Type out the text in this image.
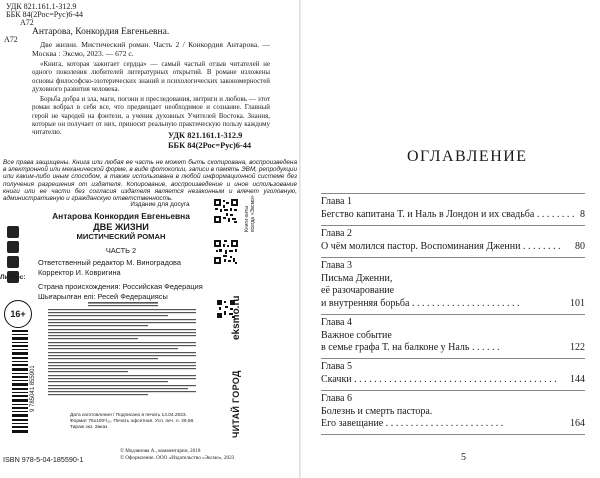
УДК 821.161.1-312.9
ББК 84(2Рос=Рус)6-44
А72
А72
Антарова, Конкордия Евгеньевна.
Две жизни. Мистический роман. Часть 2 / Конкордия Антарова. — Москва : Эксмо, 2023. — 672 с.
«Книга, которая зажигает сердца» — самый частый отзыв читателей не одного поколения любителей литературных открытий. В романе изложены основы философско-эзотерических знаний и психологических закономерностей духовного развития человека.
Борьба добра и зла, маги, погони и преследования, интриги и любовь — этот роман вобрал в себя все, что предвещает необходимое и сознание. Главный герой не чародей на фэнтези, а ученик духовных Учителей Востока. Знания, которые он получает от них, приносят реальную практическую пользу каждому читателю.	УДК 821.161.1-312.9
ББК 84(2Рос=Рус)6-44
Все права защищены. Книга или любая ее часть не может быть скопирована, воспроизведена в электронной или механической форме, в виде фотокопии, записи в память ЭВМ, репродукции или каким-либо иным способом, а также использована в любой информационной системе без получения разрешения от издателя. Копирование, воспроизведение и иное использование книги или ее части без согласия издателя является незаконным и влечет уголовную, административную и гражданскую ответственность.
Издание для досуга
Антарова Конкордия Евгеньевна
ДВЕ ЖИЗНИ
МИСТИЧЕСКИЙ РОМАН
ЧАСТЬ 2
Ответственный редактор М. Виноградова
Корректор И. Ковригина
Страна происхождения: Российская Федерация
Шығарылған елі: Ресей Федерациясы
Дата изготовления / Подписано в печать 14.04.2023.
Формат 75х100¹/₃₂. Печать офсетная. Усл. печ. л. 29,58.
Тираж экз. Заказ
© Модзянова А., комментарии, 2018
© Оформление. ООО «Издательство «Эксмо», 2023
ЛитРес:
16+
9 785041 855901
ISBN 978-5-04-185590-1
Книги-хиты всегда «Эксмо»
eksmo.ru
ЧИТАЙ ГОРОД
ОГЛАВЛЕНИЕ
Глава 1
Бегство капитана Т. и Наль в Лондон и их свадьба . . . . . . . . 8
Глава 2
О чём молился пастор. Воспоминания Дженни . . . . . . . . 80
Глава 3
Письма Дженни,
её разочарование
и внутренняя борьба . . . . . . . . . . . . . . . . . . . . . .	101
Глава 4
Важное событие
в семье графа Т. на балконе у Наль . . . . . .	122
Глава 5
Скачки . . . . . . . . . . . . . . . . . . . . . . . . . . . . . . . . . . . . . . . . . 144
Глава 6
Болезнь и смерть пастора.
Его завещание . . . . . . . . . . . . . . . . . . . . . . . .	164
5
